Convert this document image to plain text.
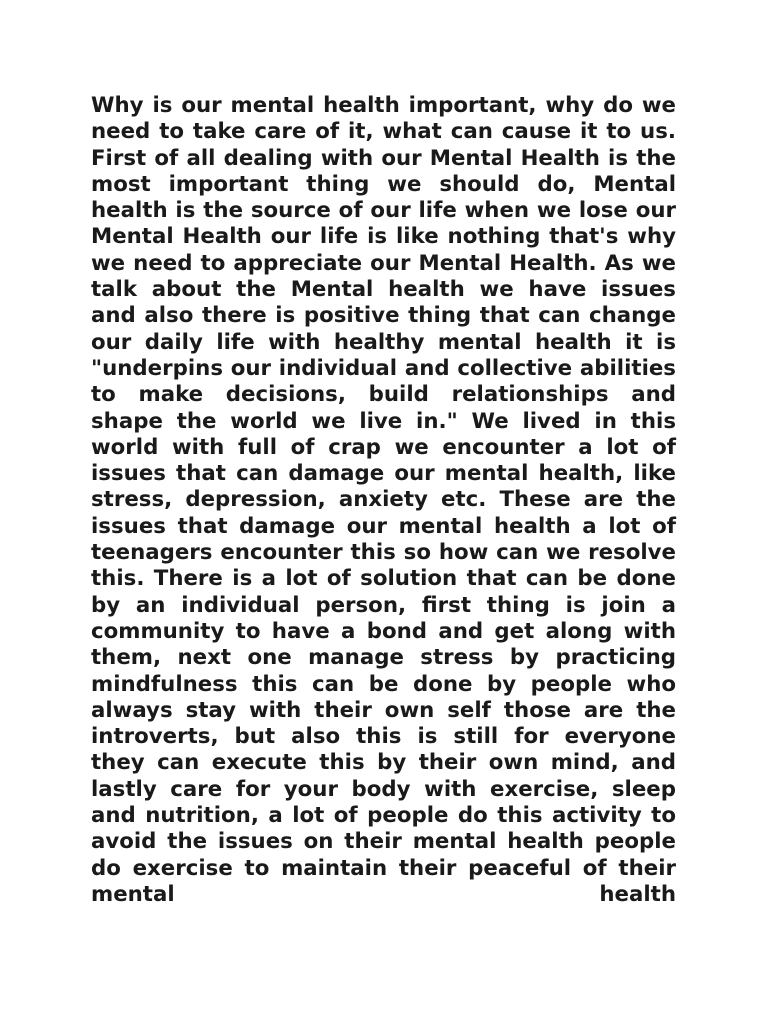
Why is our mental health important, why do we need to take care of it, what can cause it to us. First of all dealing with our Mental Health is the most important thing we should do, Mental health is the source of our life when we lose our Mental Health our life is like nothing that's why we need to appreciate our Mental Health. As we talk about the Mental health we have issues and also there is positive thing that can change our daily life with healthy mental health it is "underpins our individual and collective abilities to make decisions, build relationships and shape the world we live in." We lived in this world with full of crap we encounter a lot of issues that can damage our mental health, like stress, depression, anxiety etc. These are the issues that damage our mental health a lot of teenagers encounter this so how can we resolve this. There is a lot of solution that can be done by an individual person, first thing is join a community to have a bond and get along with them, next one manage stress by practicing mindfulness this can be done by people who always stay with their own self those are the introverts, but also this is still for everyone they can execute this by their own mind, and lastly care for your body with exercise, sleep and nutrition, a lot of people do this activity to avoid the issues on their mental health people do exercise to maintain their peaceful of their mental health
